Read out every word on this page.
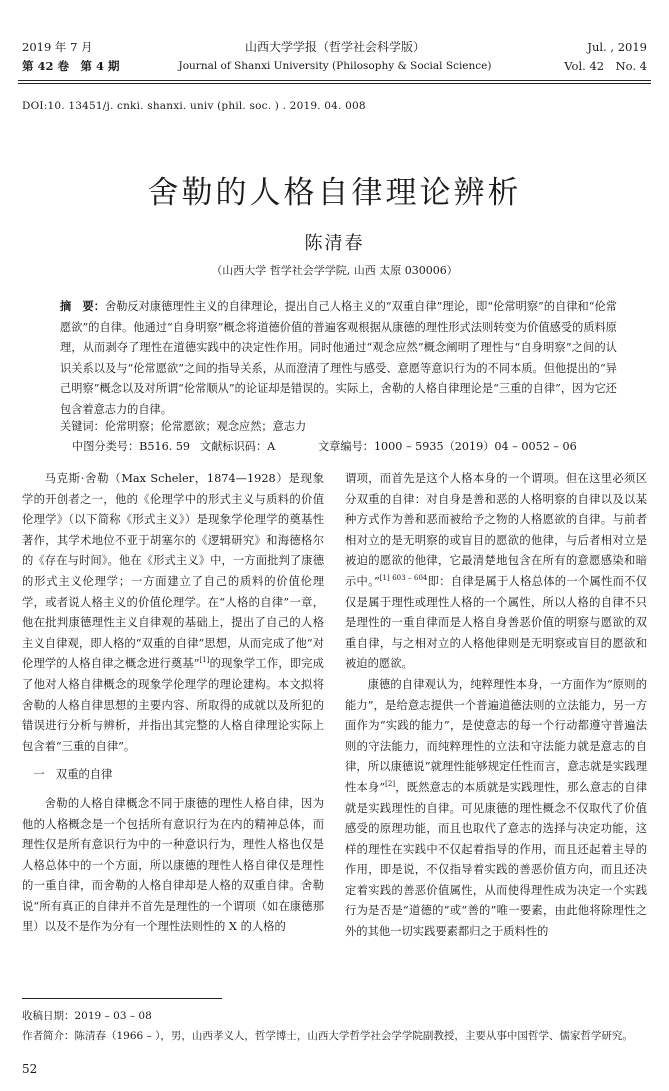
2019 年 7 月
第 42 卷　第 4 期
山西大学学报（哲学社会科学版）
Journal of Shanxi University (Philosophy & Social Science)
Jul. , 2019
Vol. 42　No. 4
DOI:10. 13451/j. cnki. shanxi. univ (phil. soc. ) . 2019. 04. 008
舍勒的人格自律理论辨析
陈清春
（山西大学 哲学社会学学院, 山西 太原 030006）

摘　要：舍勒反对康德理性主义的自律理论，提出自己人格主义的“双重自律”理论，即“伦常明察”的自律和“伦常愿欲”的自律。他通过“自身明察”概念将道德价值的普遍客观根据从康德的理性形式法则转变为价值感受的质料原理，从而剥夺了理性在道德实践中的决定性作用。同时他通过“观念应然”概念阐明了理性与“自身明察”之间的认识关系以及与“伦常愿欲”之间的指导关系，从而澄清了理性与感受、意愿等意识行为的不同本质。但他提出的“异己明察”概念以及对所谓“伦常顺从”的论证却是错误的。实际上，舍勒的人格自律理论是“三重的自律”，因为它还包含着意志力的自律。

关键词：伦常明察；伦常愿欲；观念应然；意志力
中图分类号：B516. 59 文献标识码：A	文章编号：1000 – 5935（2019）04 – 0052 – 06

马克斯·舍勒（Max Scheler，1874—1928）是现象学的开创者之一，他的《伦理学中的形式主义与质料的价值伦理学》（以下简称《形式主义》）是现象学伦理学的奠基性著作，其学术地位不亚于胡塞尔的《逻辑研究》和海德格尔的《存在与时间》。他在《形式主义》中，一方面批判了康德的形式主义伦理学；一方面建立了自己的质料的价值伦理学，或者说人格主义的价值伦理学。在“人格的自律”一章，他在批判康德理性主义自律观的基础上，提出了自己的人格主义自律观，即人格的“双重的自律”思想，从而完成了他“对伦理学的人格自律之概念进行奠基”[1]的现象学工作，即完成了他对人格自律概念的现象学伦理学的理论建构。本文拟将舍勒的人格自律思想的主要内容、所取得的成就以及所犯的错误进行分析与辨析，并指出其完整的人格自律理论实际上包含着“三重的自律”。

一　双重的自律

舍勒的人格自律概念不同于康德的理性人格自律，因为他的人格概念是一个包括所有意识行为在内的精神总体，而理性仅是所有意识行为中的一种意识行为，理性人格也仅是人格总体中的一个方面，所以康德的理性人格自律仅是理性的一重自律，而舍勒的人格自律却是人格的双重自律。舍勒说“所有真正的自律并不首先是理性的一个谓项（如在康德那里）以及不是作为分有一个理性法则性的 X 的人格的

谓项，而首先是这个人格本身的一个谓项。但在这里必须区分双重的自律：对自身是善和恶的人格明察的自律以及以某种方式作为善和恶而被给予之物的人格愿欲的自律。与前者相对立的是无明察的或盲目的愿欲的他律，与后者相对立是被迫的愿欲的他律，它最清楚地包含在所有的意愿感染和暗示中。”$^{[1] 603 - 604}$即：自律是属于人格总体的一个属性而不仅仅是属于理性或理性人格的一个属性，所以人格的自律不只是理性的一重自律而是人格自身善恶价值的明察与愿欲的双重自律，与之相对立的人格他律则是无明察或盲目的愿欲和被迫的愿欲。

康德的自律观认为，纯粹理性本身，一方面作为“原则的能力”，是给意志提供一个普遍道德法则的立法能力，另一方面作为“实践的能力”，是使意志的每一个行动都遵守普遍法则的守法能力，而纯粹理性的立法和守法能力就是意志的自律，所以康德说“就理性能够规定任性而言，意志就是实践理性本身”[2]，既然意志的本质就是实践理性，那么意志的自律就是实践理性的自律。可见康德的理性概念不仅取代了价值感受的原理功能，而且也取代了意志的选择与决定功能，这样的理性在实践中不仅起着指导的作用，而且还起着主导的作用，即是说，不仅指导着实践的善恶价值方向，而且还决定着实践的善恶价值属性，从而使得理性成为决定一个实践行为是否是“道德的”或“善的”唯一要素，由此他将除理性之外的其他一切实践要素都归之于质料性的

收稿日期：2019 – 03 – 08
作者简介：陈清春（1966 – ），男，山西孝义人，哲学博士，山西大学哲学社会学学院副教授，主要从事中国哲学、儒家哲学研究。
52
